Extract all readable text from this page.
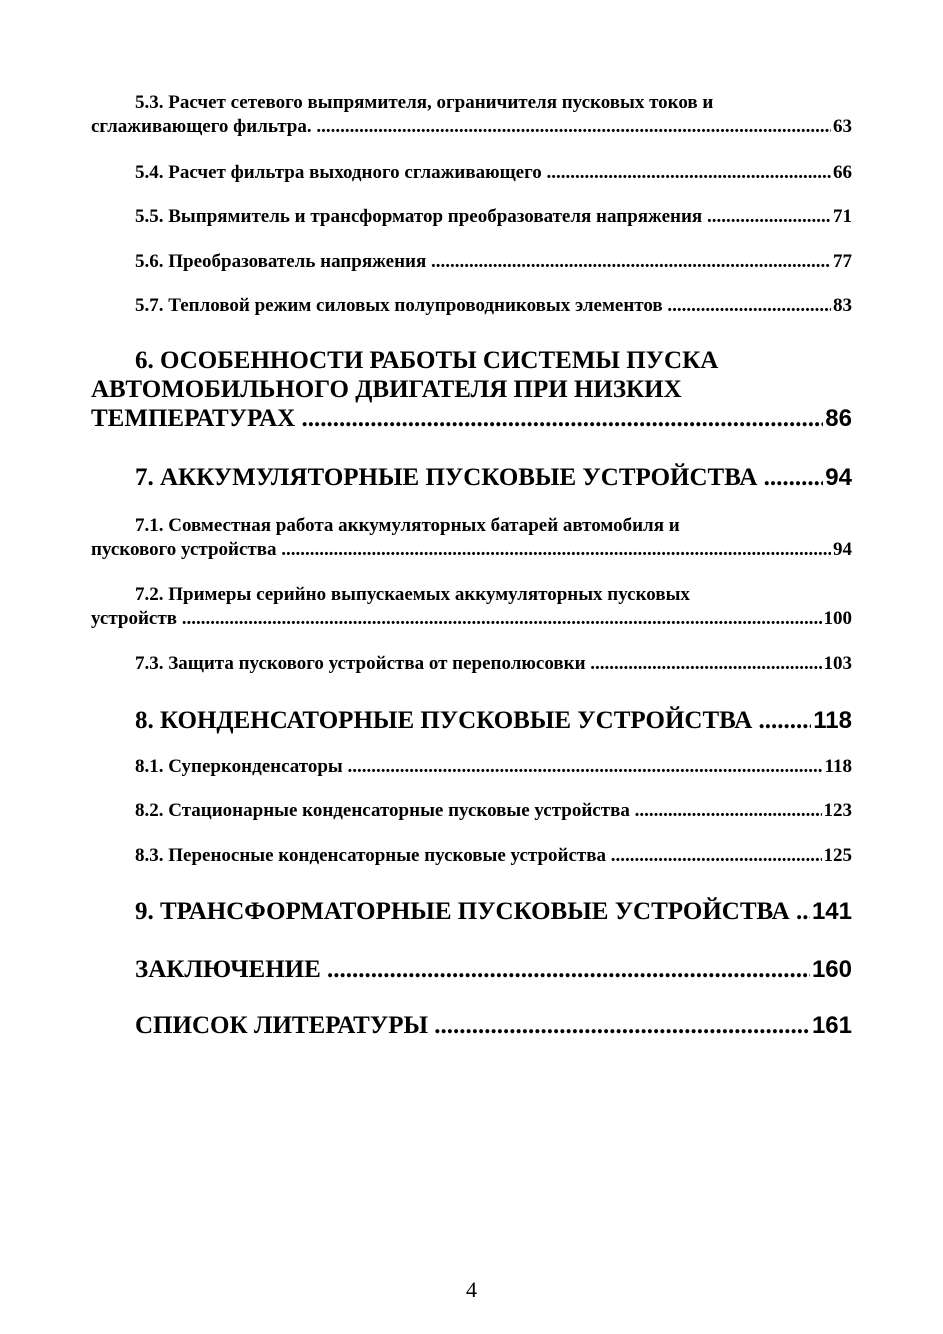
5.3. Расчет сетевого выпрямителя, ограничителя пусковых токов и
сглаживающего фильтра. .....	63
5.4. Расчет фильтра выходного сглаживающего .....	66
5.5. Выпрямитель и трансформатор преобразователя напряжения .....	71
5.6. Преобразователь напряжения .....	77
5.7. Тепловой режим силовых полупроводниковых элементов .....	83
6. ОСОБЕННОСТИ РАБОТЫ СИСТЕМЫ ПУСКА
АВТОМОБИЛЬНОГО ДВИГАТЕЛЯ ПРИ НИЗКИХ
ТЕМПЕРАТУРАХ .....	86
7. АККУМУЛЯТОРНЫЕ ПУСКОВЫЕ УСТРОЙСТВА .....	94
7.1. Совместная работа аккумуляторных батарей автомобиля и
пускового устройства .....	94
7.2. Примеры серийно выпускаемых аккумуляторных пусковых
устройств .....	100
7.3. Защита пускового устройства от переполюсовки .....	103
8. КОНДЕНСАТОРНЫЕ ПУСКОВЫЕ УСТРОЙСТВА .....	118
8.1. Суперконденсаторы .....	118
8.2. Стационарные конденсаторные пусковые устройства .....	123
8.3. Переносные конденсаторные пусковые устройства .....	125
9. ТРАНСФОРМАТОРНЫЕ ПУСКОВЫЕ УСТРОЙСТВА ..... 141
ЗАКЛЮЧЕНИЕ .....	160
СПИСОК ЛИТЕРАТУРЫ .....	161
4
